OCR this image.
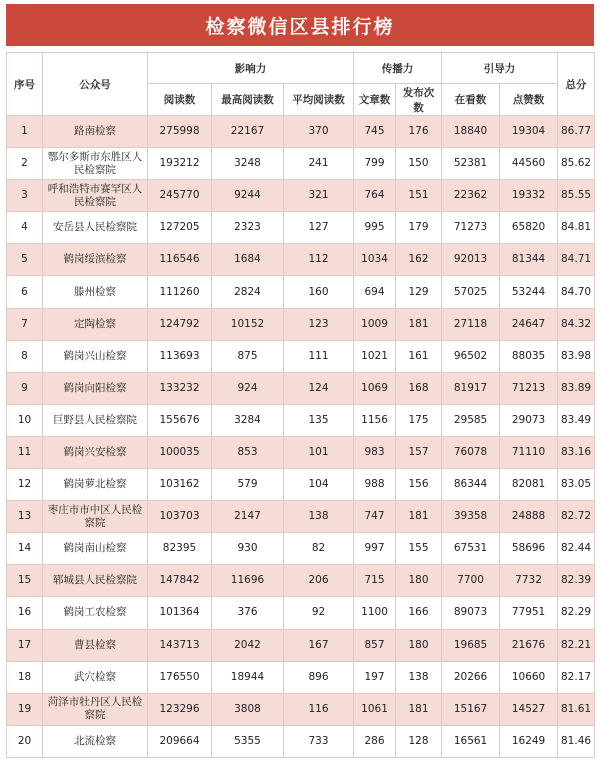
检察微信区县排行榜
序号	公众号	影响力			传播力		引导力		总分
		阅读数	最高阅读数	平均阅读数	文章数	发布次数	在看数	点赞数	
1	路南检察	275998	22167	370	745	176	18840	19304	86.77
2	鄂尔多斯市东胜区人民检察院	193212	3248	241	799	150	52381	44560	85.62
3	呼和浩特市赛罕区人民检察院	245770	9244	321	764	151	22362	19332	85.55
4	安岳县人民检察院	127205	2323	127	995	179	71273	65820	84.81
5	鹤岗绥滨检察	116546	1684	112	1034	162	92013	81344	84.71
6	滕州检察	111260	2824	160	694	129	57025	53244	84.70
7	定陶检察	124792	10152	123	1009	181	27118	24647	84.32
8	鹤岗兴山检察	113693	875	111	1021	161	96502	88035	83.98
9	鹤岗向阳检察	133232	924	124	1069	168	81917	71213	83.89
10	巨野县人民检察院	155676	3284	135	1156	175	29585	29073	83.49
11	鹤岗兴安检察	100035	853	101	983	157	76078	71110	83.16
12	鹤岗萝北检察	103162	579	104	988	156	86344	82081	83.05
13	枣庄市市中区人民检察院	103703	2147	138	747	181	39358	24888	82.72
14	鹤岗南山检察	82395	930	82	997	155	67531	58696	82.44
15	郓城县人民检察院	147842	11696	206	715	180	7700	7732	82.39
16	鹤岗工农检察	101364	376	92	1100	166	89073	77951	82.29
17	曹县检察	143713	2042	167	857	180	19685	21676	82.21
18	武穴检察	176550	18944	896	197	138	20266	10660	82.17
19	菏泽市牡丹区人民检察院	123296	3808	116	1061	181	15167	14527	81.61
20	北流检察	209664	5355	733	286	128	16561	16249	81.46
